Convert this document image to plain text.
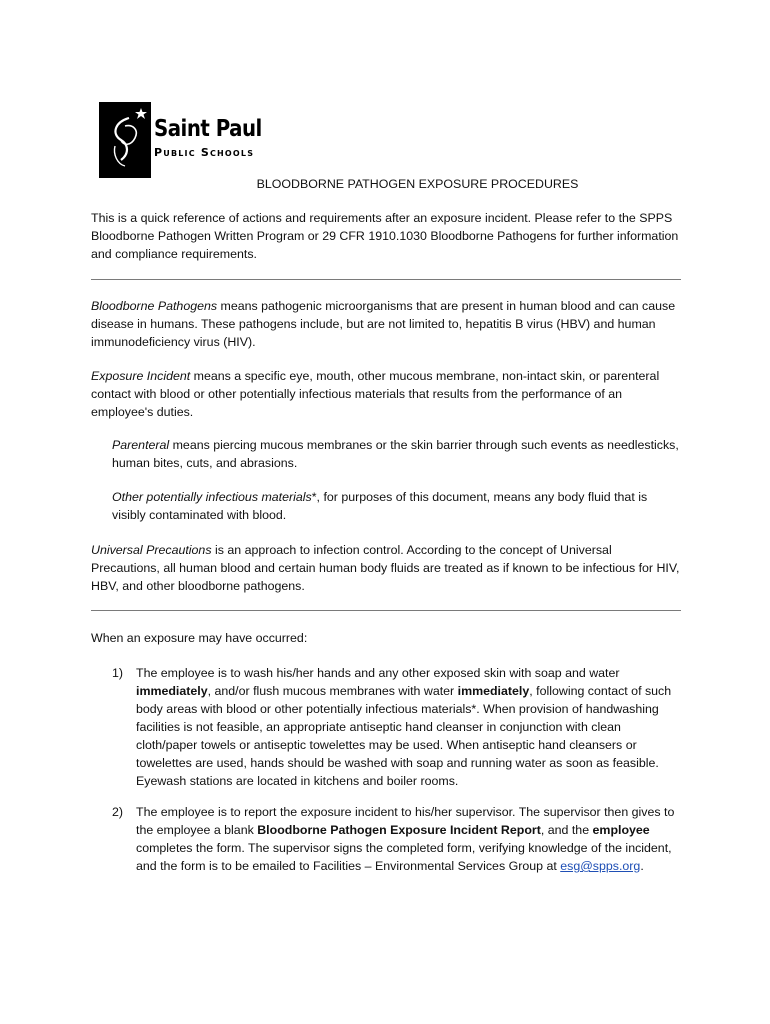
Saint Paul
Public Schools
BLOODBORNE PATHOGEN EXPOSURE PROCEDURES

This is a quick reference of actions and requirements after an exposure incident. Please refer to the SPPS Bloodborne Pathogen Written Program or 29 CFR 1910.1030 Bloodborne Pathogens for further information and compliance requirements.

Bloodborne Pathogens means pathogenic microorganisms that are present in human blood and can cause disease in humans. These pathogens include, but are not limited to, hepatitis B virus (HBV) and human immunodeficiency virus (HIV).

Exposure Incident means a specific eye, mouth, other mucous membrane, non-intact skin, or parenteral contact with blood or other potentially infectious materials that results from the performance of an employee's duties.

Parenteral means piercing mucous membranes or the skin barrier through such events as needlesticks, human bites, cuts, and abrasions.

Other potentially infectious materials*, for purposes of this document, means any body fluid that is visibly contaminated with blood.

Universal Precautions is an approach to infection control. According to the concept of Universal Precautions, all human blood and certain human body fluids are treated as if known to be infectious for HIV, HBV, and other bloodborne pathogens.

When an exposure may have occurred:
1) The employee is to wash his/her hands and any other exposed skin with soap and water immediately, and/or flush mucous membranes with water immediately, following contact of such body areas with blood or other potentially infectious materials*. When provision of handwashing facilities is not feasible, an appropriate antiseptic hand cleanser in conjunction with clean cloth/paper towels or antiseptic towelettes may be used. When antiseptic hand cleansers or towelettes are used, hands should be washed with soap and running water as soon as feasible. Eyewash stations are located in kitchens and boiler rooms.
2) The employee is to report the exposure incident to his/her supervisor. The supervisor then gives to the employee a blank Bloodborne Pathogen Exposure Incident Report, and the employee completes the form. The supervisor signs the completed form, verifying knowledge of the incident, and the form is to be emailed to Facilities – Environmental Services Group at esg@spps.org.
